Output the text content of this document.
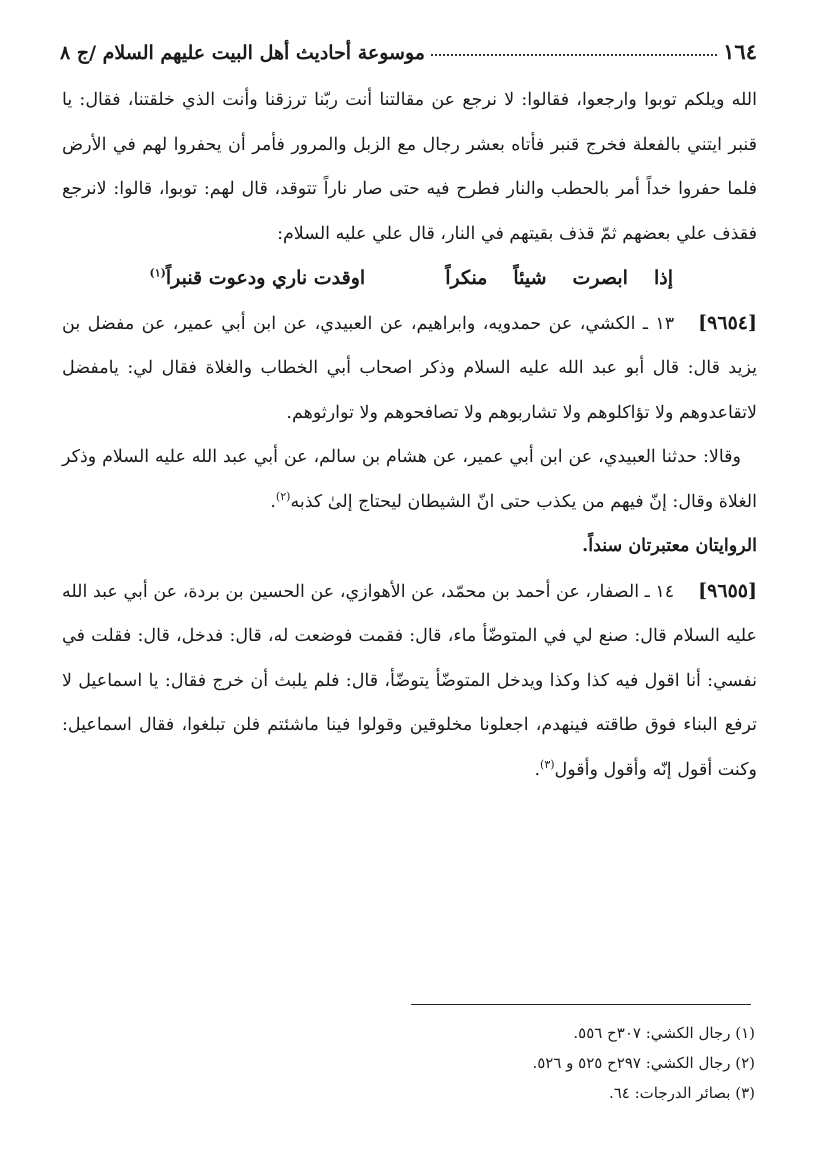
١٦٤
موسوعة أحاديث أهل البيت عليهم السلام /ج ٨

الله ويلكم توبوا وارجعوا، فقالوا: لا نرجع عن مقالتنا أنت ربّنا ترزقنا وأنت الذي خلقتنا، فقال: يا قنبر ايتني بالفعلة فخرج قنبر فأتاه بعشر رجال مع الزبل والمرور فأمر أن يحفروا لهم في الأرض فلما حفروا خداً أمر بالحطب والنار فطرح فيه حتى صار ناراً تتوقد، قال لهم: توبوا، قالوا: لانرجع فقذف علي بعضهم ثمّ قذف بقيتهم في النار، قال علي عليه السلام:

إذا
ابصرت
شيئاً
منكراً
اوقدت ناري ودعوت قنبراً$^{(١)}$

[٩٦٥٤]١٣ ـ الكشي، عن حمدويه، وابراهيم، عن العبيدي، عن ابن أبي عمير، عن مفضل بن يزيد قال: قال أبو عبد الله عليه السلام وذكر اصحاب أبي الخطاب والغلاة فقال لي: يامفضل لاتقاعدوهم ولا تؤاكلوهم ولا تشاربوهم ولا تصافحوهم ولا توارثوهم.

وقالا: حدثنا العبيدي، عن ابن أبي عمير، عن هشام بن سالم، عن أبي عبد الله عليه السلام وذكر الغلاة وقال: إنّ فيهم من يكذب حتى انّ الشيطان ليحتاج إلىٰ كذبه$^{(٢)}$.

الروايتان معتبرتان سنداً.

[٩٦٥٥]١٤ ـ الصفار، عن أحمد بن محمّد، عن الأهوازي، عن الحسين بن بردة، عن أبي عبد الله عليه السلام قال: صنع لي في المتوضّأ ماء، قال: فقمت فوضعت له، قال: فدخل، قال: فقلت في نفسي: أنا اقول فيه كذا وكذا ويدخل المتوضّأ يتوضّأ، قال: فلم يلبث أن خرج فقال: يا اسماعيل لا ترفع البناء فوق طاقته فينهدم، اجعلونا مخلوقين وقولوا فينا ماشئتم فلن تبلغوا، فقال اسماعيل: وكنت أقول إنّه وأقول وأقول$^{(٣)}$.

(١) رجال الكشي: ٣٠٧ح ٥٥٦.
(٢) رجال الكشي: ٢٩٧ح ٥٢٥ و ٥٢٦.
(٣) بصائر الدرجات: ٦٤.
